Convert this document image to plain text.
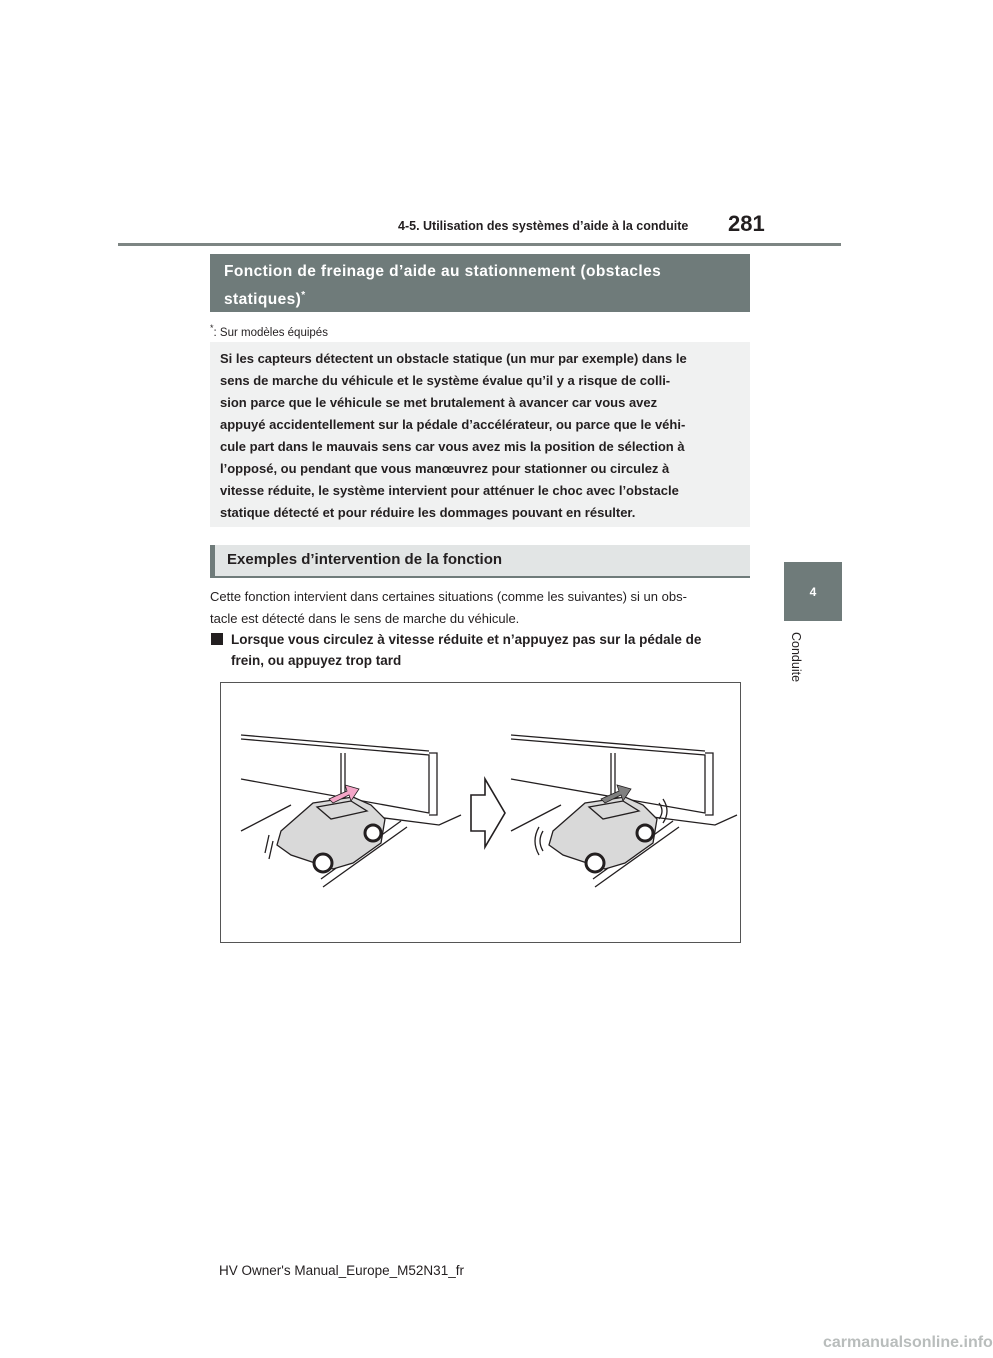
4-5. Utilisation des systèmes d’aide à la conduite 281
4
Conduite
Fonction de freinage d’aide au stationnement (obstacles
statiques)*
*: Sur modèles équipés
Si les capteurs détectent un obstacle statique (un mur par exemple) dans le
sens de marche du véhicule et le système évalue qu’il y a risque de colli-
sion parce que le véhicule se met brutalement à avancer car vous avez
appuyé accidentellement sur la pédale d’accélérateur, ou parce que le véhi-
cule part dans le mauvais sens car vous avez mis la position de sélection à
l’opposé, ou pendant que vous manœuvrez pour stationner ou circulez à
vitesse réduite, le système intervient pour atténuer le choc avec l’obstacle
statique détecté et pour réduire les dommages pouvant en résulter.
Exemples d’intervention de la fonction
Cette fonction intervient dans certaines situations (comme les suivantes) si un obs-
tacle est détecté dans le sens de marche du véhicule.
Lorsque vous circulez à vitesse réduite et n’appuyez pas sur la pédale de
frein, ou appuyez trop tard
HV Owner's Manual_Europe_M52N31_fr
carmanualsonline.info
